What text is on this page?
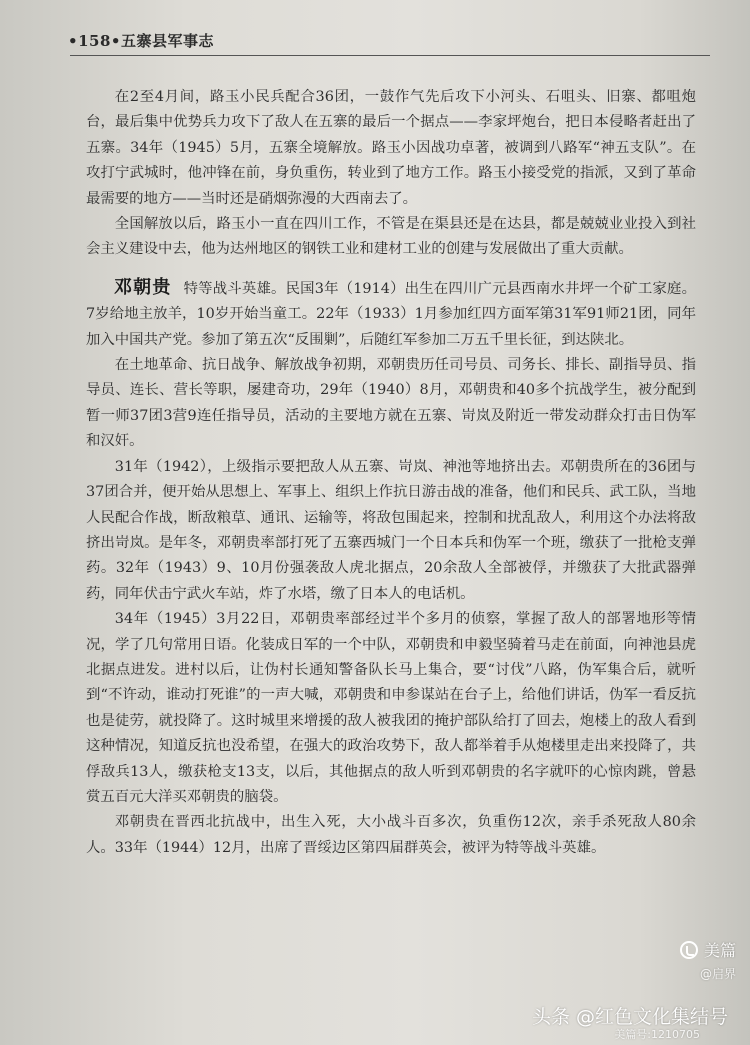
•158•五寨县军事志

在2至4月间，路玉小民兵配合36团，一鼓作气先后攻下小河头、石咀头、旧寨、都咀炮台，最后集中优势兵力攻下了敌人在五寨的最后一个据点——李家坪炮台，把日本侵略者赶出了五寨。34年（1945）5月，五寨全境解放。路玉小因战功卓著，被调到八路军“神五支队”。在攻打宁武城时，他冲锋在前，身负重伤，转业到了地方工作。路玉小接受党的指派，又到了革命最需要的地方——当时还是硝烟弥漫的大西南去了。

全国解放以后，路玉小一直在四川工作，不管是在渠县还是在达县，都是兢兢业业投入到社会主义建设中去，他为达州地区的钢铁工业和建材工业的创建与发展做出了重大贡献。

邓朝贵 特等战斗英雄。民国3年（1914）出生在四川广元县西南水井坪一个矿工家庭。7岁给地主放羊，10岁开始当童工。22年（1933）1月参加红四方面军第31军91师21团，同年加入中国共产党。参加了第五次“反围剿”，后随红军参加二万五千里长征，到达陕北。

在土地革命、抗日战争、解放战争初期，邓朝贵历任司号员、司务长、排长、副指导员、指导员、连长、营长等职，屡建奇功，29年（1940）8月，邓朝贵和40多个抗战学生，被分配到暂一师37团3营9连任指导员，活动的主要地方就在五寨、岢岚及附近一带发动群众打击日伪军和汉奸。

31年（1942），上级指示要把敌人从五寨、岢岚、神池等地挤出去。邓朝贵所在的36团与37团合并，便开始从思想上、军事上、组织上作抗日游击战的准备，他们和民兵、武工队，当地人民配合作战，断敌粮草、通讯、运输等，将敌包围起来，控制和扰乱敌人，利用这个办法将敌挤出岢岚。是年冬，邓朝贵率部打死了五寨西城门一个日本兵和伪军一个班，缴获了一批枪支弹药。32年（1943）9、10月份强袭敌人虎北据点，20余敌人全部被俘，并缴获了大批武器弹药，同年伏击宁武火车站，炸了水塔，缴了日本人的电话机。

34年（1945）3月22日，邓朝贵率部经过半个多月的侦察，掌握了敌人的部署地形等情况，学了几句常用日语。化装成日军的一个中队，邓朝贵和申毅坚骑着马走在前面，向神池县虎北据点进发。进村以后，让伪村长通知警备队长马上集合，要“讨伐”八路，伪军集合后，就听到“不许动，谁动打死谁”的一声大喊，邓朝贵和申参谋站在台子上，给他们讲话，伪军一看反抗也是徒劳，就投降了。这时城里来增援的敌人被我团的掩护部队给打了回去，炮楼上的敌人看到这种情况，知道反抗也没希望，在强大的政治攻势下，敌人都举着手从炮楼里走出来投降了，共俘敌兵13人，缴获枪支13支，以后，其他据点的敌人听到邓朝贵的名字就吓的心惊肉跳，曾悬赏五百元大洋买邓朝贵的脑袋。

邓朝贵在晋西北抗战中，出生入死，大小战斗百多次，负重伤12次，亲手杀死敌人80余人。33年（1944）12月，出席了晋绥边区第四届群英会，被评为特等战斗英雄。

美篇
@启界
头条 @红色文化集结号
美篇号:1210705
